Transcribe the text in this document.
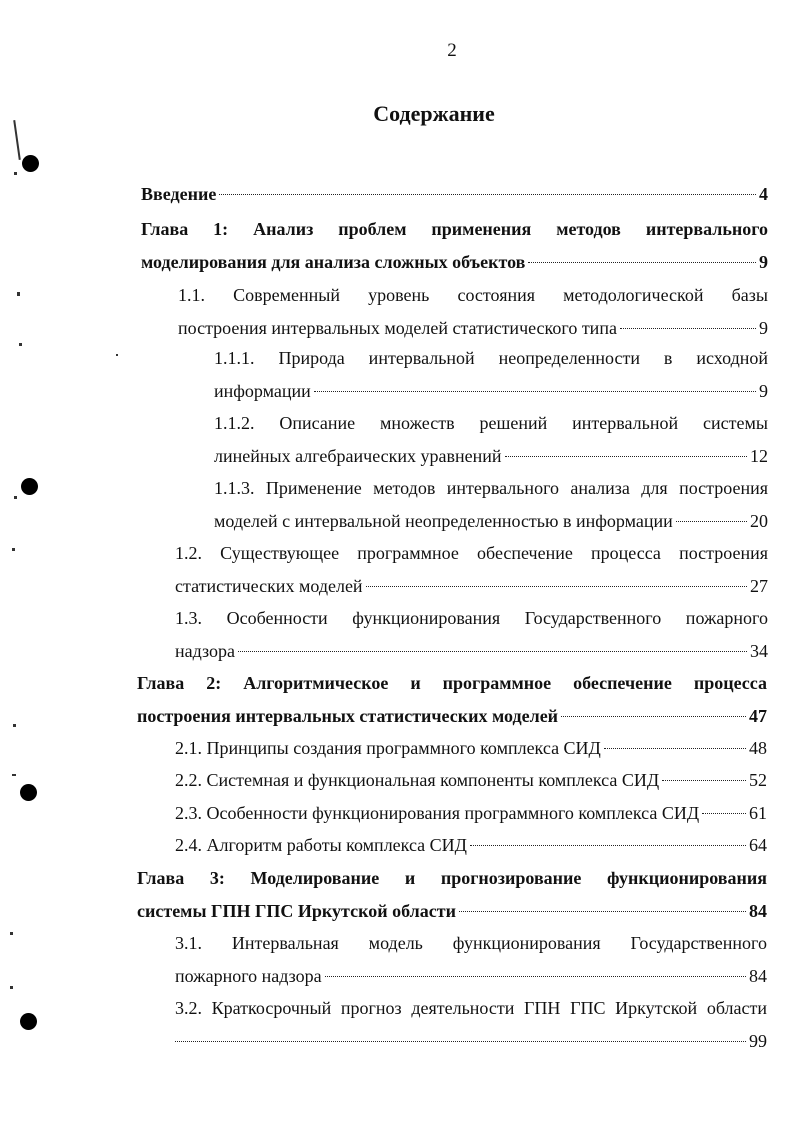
2
Содержание
Введение	4
Глава 1: Анализ проблем применения методов интервального
моделирования для анализа сложных объектов	9
1.1. Современный уровень состояния методологической базы
построения интервальных моделей статистического типа	9
1.1.1. Природа интервальной неопределенности в исходной
информации	9
1.1.2. Описание множеств решений интервальной системы
линейных алгебраических уравнений	12
1.1.3. Применение методов интервального анализа для построения
моделей с интервальной неопределенностью в информации	20
1.2. Существующее программное обеспечение процесса построения
статистических моделей	27
1.3. Особенности функционирования Государственного пожарного
надзора	34
Глава 2: Алгоритмическое и программное обеспечение процесса
построения интервальных статистических моделей	47
2.1. Принципы создания программного комплекса СИД	48
2.2. Системная и функциональная компоненты комплекса СИД	52
2.3. Особенности функционирования программного комплекса СИД	61
2.4. Алгоритм работы комплекса СИД	64
Глава 3: Моделирование и прогнозирование функционирования
системы ГПН ГПС Иркутской области	84
3.1. Интервальная модель функционирования Государственного
пожарного надзора	84
3.2. Краткосрочный прогноз деятельности ГПН ГПС Иркутской области
99
